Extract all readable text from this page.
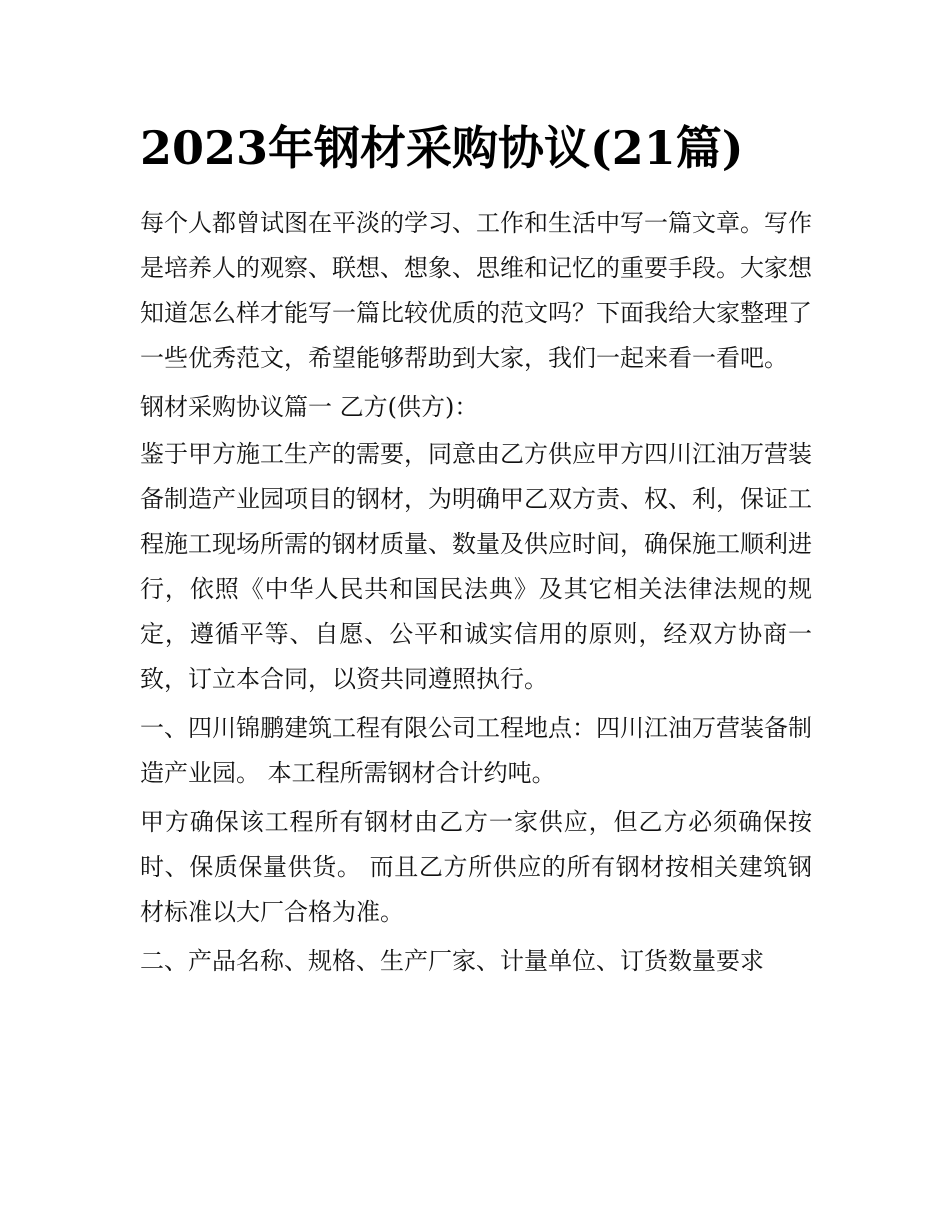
2023年钢材采购协议(21篇)

每个人都曾试图在平淡的学习、工作和生活中写一篇文章。写作是培养人的观察、联想、想象、思维和记忆的重要手段。大家想知道怎么样才能写一篇比较优质的范文吗？下面我给大家整理了一些优秀范文，希望能够帮助到大家，我们一起来看一看吧。

钢材采购协议篇一 乙方(供方)：

鉴于甲方施工生产的需要，同意由乙方供应甲方四川江油万营装备制造产业园项目的钢材，为明确甲乙双方责、权、利，保证工程施工现场所需的钢材质量、数量及供应时间，确保施工顺利进行，依照《中华人民共和国民法典》及其它相关法律法规的规定，遵循平等、自愿、公平和诚实信用的原则，经双方协商一致，订立本合同，以资共同遵照执行。

一、四川锦鹏建筑工程有限公司工程地点：四川江油万营装备制造产业园。 本工程所需钢材合计约吨。

甲方确保该工程所有钢材由乙方一家供应，但乙方必须确保按时、保质保量供货。 而且乙方所供应的所有钢材按相关建筑钢材标准以大厂合格为准。

二、产品名称、规格、生产厂家、计量单位、订货数量要求
